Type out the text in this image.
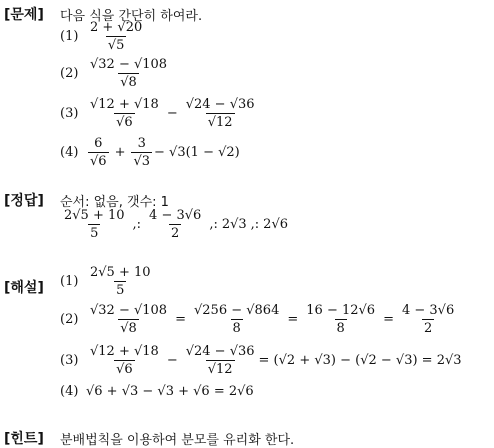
[문제] 다음 식을 간단히 하여라.
$(1) \frac{2 + √20}{√5}$
$(2) \frac{√32 - √108}{√8}$
$(3) \frac{√12 + √18}{√6} - \frac{√24 - √36}{√12}$
$(4) \frac{6}{√6} + \frac{3}{√3} - √3(1 - √2)$
[정답] 순서: 없음, 갯수: 1
$\frac{2√5 + 10}{5}$ ,: $\frac{4 - 3√6}{2}$ ,: 2√3 ,: 2√6
[해설] $(1) \frac{2√5 + 10}{5}$
$(2) \frac{√32 - √108}{√8} = \frac{√256 - √864}{8} = \frac{16 - 12√6}{8} = \frac{4 - 3√6}{2}$
$(3) \frac{√12 + √18}{√6} - \frac{√24 - √36}{√12} = (√2 + √3) - (√2 - √3) = 2√3$
(4) √6 + √3 − √3 + √6 = 2√6
[힌트] 분배법칙을 이용하여 분모를 유리화 한다.
